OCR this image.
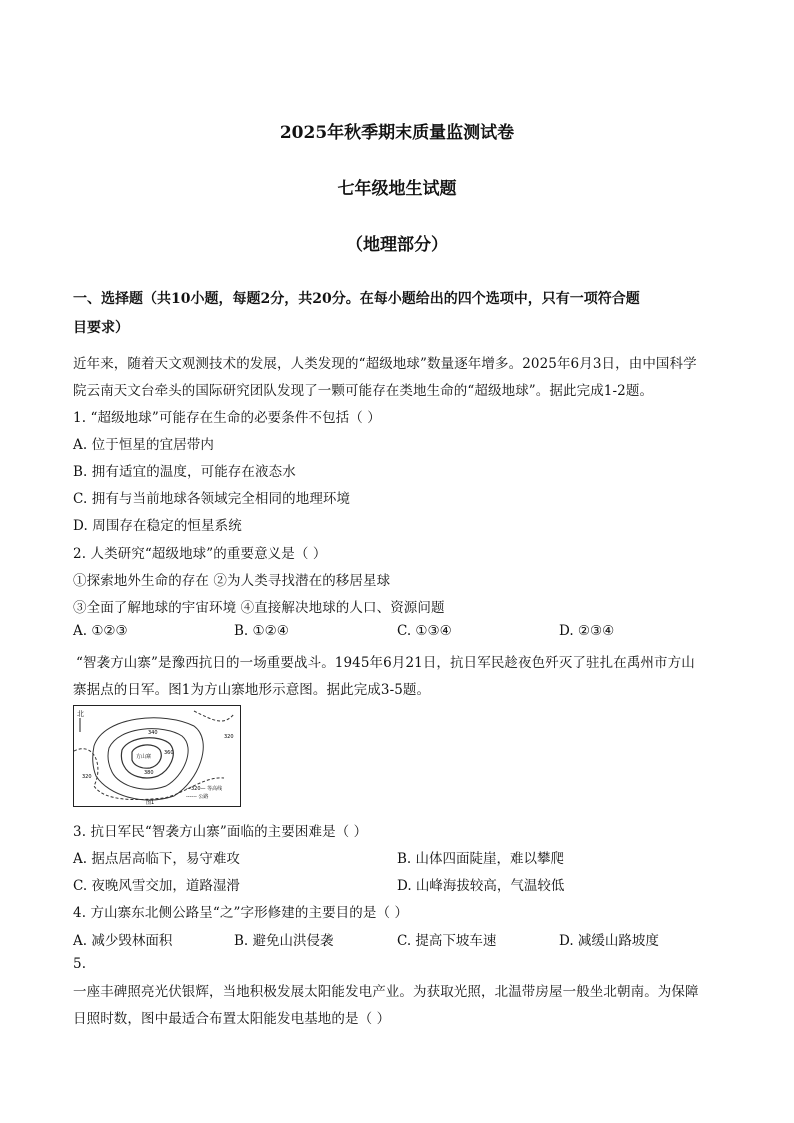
2025年秋季期末质量监测试卷
七年级地生试题
（地理部分）
一、选择题（共10小题，每题2分，共20分。在每小题给出的四个选项中，只有一项符合题
目要求）
近年来，随着天文观测技术的发展，人类发现的“超级地球”数量逐年增多。2025年6月3日，由中国科学
院云南天文台牵头的国际研究团队发现了一颗可能存在类地生命的“超级地球”。据此完成1-2题。
1. “超级地球”可能存在生命的必要条件不包括（ ）
A. 位于恒星的宜居带内
B. 拥有适宜的温度，可能存在液态水
C. 拥有与当前地球各领域完全相同的地理环境
D. 周围存在稳定的恒星系统
2. 人类研究“超级地球”的重要意义是（ ）
①探索地外生命的存在 ②为人类寻找潜在的移居星球
③全面了解地球的宇宙环境 ④直接解决地球的人口、资源问题
A. ①②③	B. ①②④	C. ①③④	D. ②③④
“智袭方山寨”是豫西抗日的一场重要战斗。1945年6月21日，抗日军民趁夜色歼灭了驻扎在禹州市方山
寨据点的日军。图1为方山寨地形示意图。据此完成3-5题。
北
方山寨
320
340
360
380
320
—320— 等高线
------ 公路
图1
3. 抗日军民“智袭方山寨”面临的主要困难是（ ）
A. 据点居高临下，易守难攻	B. 山体四面陡崖，难以攀爬
C. 夜晚风雪交加，道路湿滑	D. 山峰海拔较高，气温较低
4. 方山寨东北侧公路呈“之”字形修建的主要目的是（ ）
A. 减少毁林面积	B. 避免山洪侵袭	C. 提高下坡车速	D. 减缓山路坡度
5.
一座丰碑照亮光伏银辉，当地积极发展太阳能发电产业。为获取光照，北温带房屋一般坐北朝南。为保障
日照时数，图中最适合布置太阳能发电基地的是（ ）
